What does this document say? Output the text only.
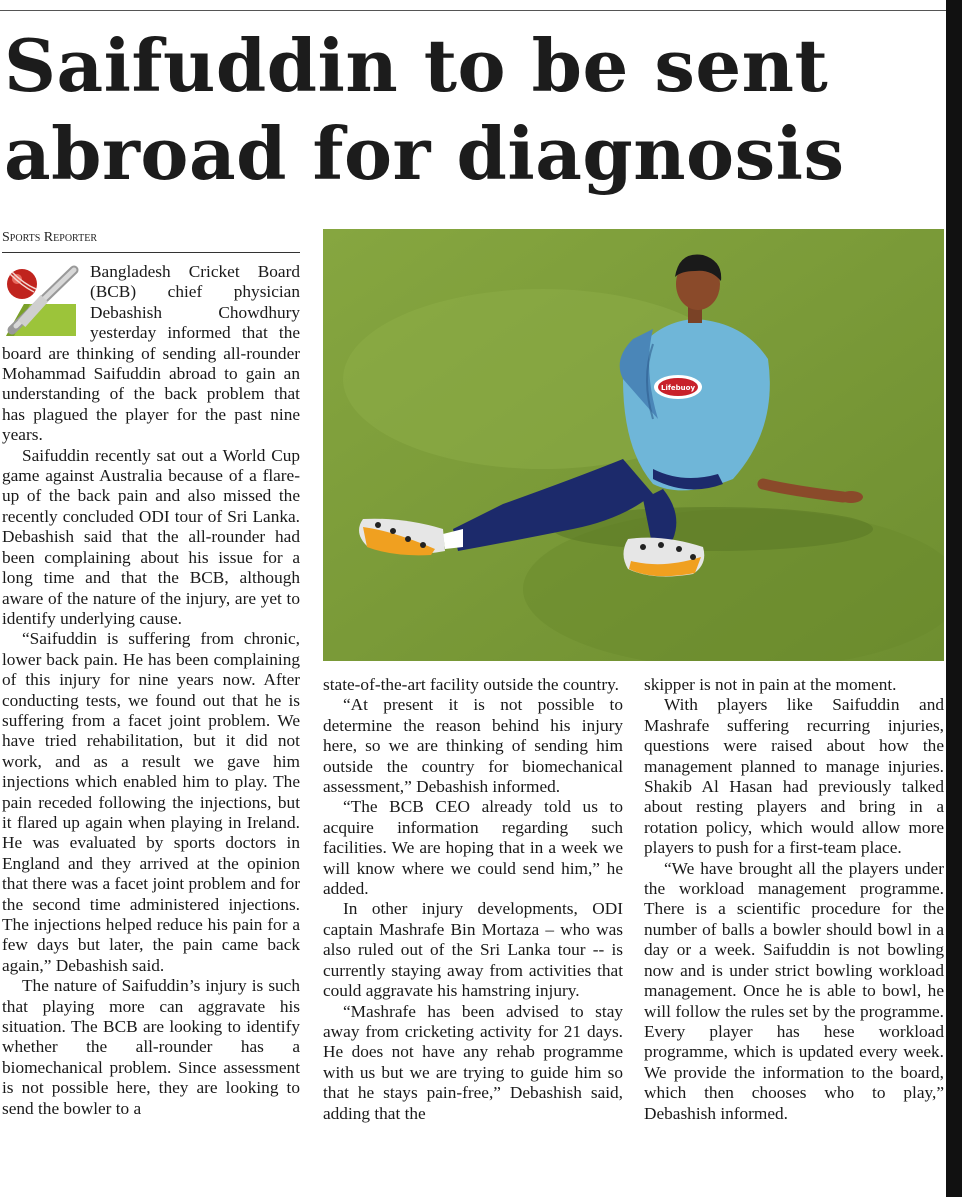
Saifuddin to be sent
abroad for diagnosis
Sports Reporter

Bangladesh Cricket Board (BCB) chief physician Debashish Chowdhury yesterday informed that the board are thinking of sending all-rounder Mohammad Saifuddin abroad to gain an understanding of the back problem that has plagued the player for the past nine years.

Saifuddin recently sat out a World Cup game against Australia because of a flare-up of the back pain and also missed the recently concluded ODI tour of Sri Lanka. Debashish said that the all-rounder had been complaining about his issue for a long time and that the BCB, although aware of the nature of the injury, are yet to identify underlying cause.

“Saifuddin is suffering from chronic, lower back pain. He has been complaining of this injury for nine years now. After conducting tests, we found out that he is suffering from a facet joint problem. We have tried rehabilitation, but it did not work, and as a result we gave him injections which enabled him to play. The pain receded following the injections, but it flared up again when playing in Ireland. He was evaluated by sports doctors in England and they arrived at the opinion that there was a facet joint problem and for the second time administered injections. The injections helped reduce his pain for a few days but later, the pain came back again,” Debashish said.

The nature of Saifuddin’s injury is such that playing more can aggravate his situation. The BCB are looking to identify whether the all-rounder has a biomechanical problem. Since assessment is not possible here, they are looking to send the bowler to a

Lifebuoy

state-of-the-art facility outside the country.

“At present it is not possible to determine the reason behind his injury here, so we are thinking of sending him outside the country for biomechanical assessment,” Debashish informed.

“The BCB CEO already told us to acquire information regarding such facilities. We are hoping that in a week we will know where we could send him,” he added.

In other injury developments, ODI captain Mashrafe Bin Mortaza – who was also ruled out of the Sri Lanka tour -- is currently staying away from activities that could aggravate his hamstring injury.

“Mashrafe has been advised to stay away from cricketing activity for 21 days. He does not have any rehab programme with us but we are trying to guide him so that he stays pain-free,” Debashish said, adding that the

skipper is not in pain at the moment.

With players like Saifuddin and Mashrafe suffering recurring injuries, questions were raised about how the management planned to manage injuries. Shakib Al Hasan had previously talked about resting players and bring in a rotation policy, which would allow more players to push for a first-team place.

“We have brought all the players under the workload management programme. There is a scientific procedure for the number of balls a bowler should bowl in a day or a week. Saifuddin is not bowling now and is under strict bowling workload management. Once he is able to bowl, he will follow the rules set by the programme. Every player has hese workload programme, which is updated every week. We provide the information to the board, which then chooses who to play,” Debashish informed.
